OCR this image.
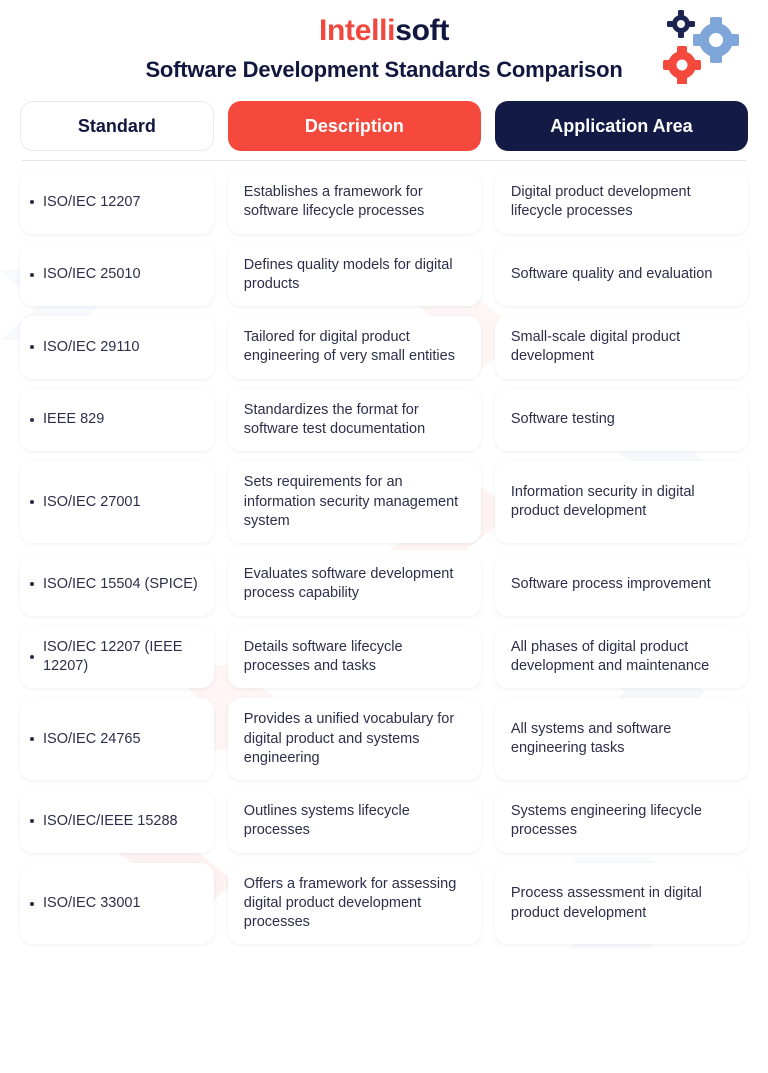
Intellisoft
Software Development Standards Comparison
Standard	Description	Application Area
ISO/IEC 12207
Establishes a framework for software lifecycle processes
Digital product development lifecycle processes
ISO/IEC 25010
Defines quality models for digital products
Software quality and evaluation
ISO/IEC 29110
Tailored for digital product engineering of very small entities
Small-scale digital product development
IEEE 829
Standardizes the format for software test documentation
Software testing
ISO/IEC 27001
Sets requirements for an information security management system
Information security in digital product development
ISO/IEC 15504 (SPICE)
Evaluates software development process capability
Software process improvement
ISO/IEC 12207 (IEEE 12207)
Details software lifecycle processes and tasks
All phases of digital product development and maintenance
ISO/IEC 24765
Provides a unified vocabulary for digital product and systems engineering
All systems and software engineering tasks
ISO/IEC/IEEE 15288
Outlines systems lifecycle processes
Systems engineering lifecycle processes
ISO/IEC 33001
Offers a framework for assessing digital product development processes
Process assessment in digital product development
